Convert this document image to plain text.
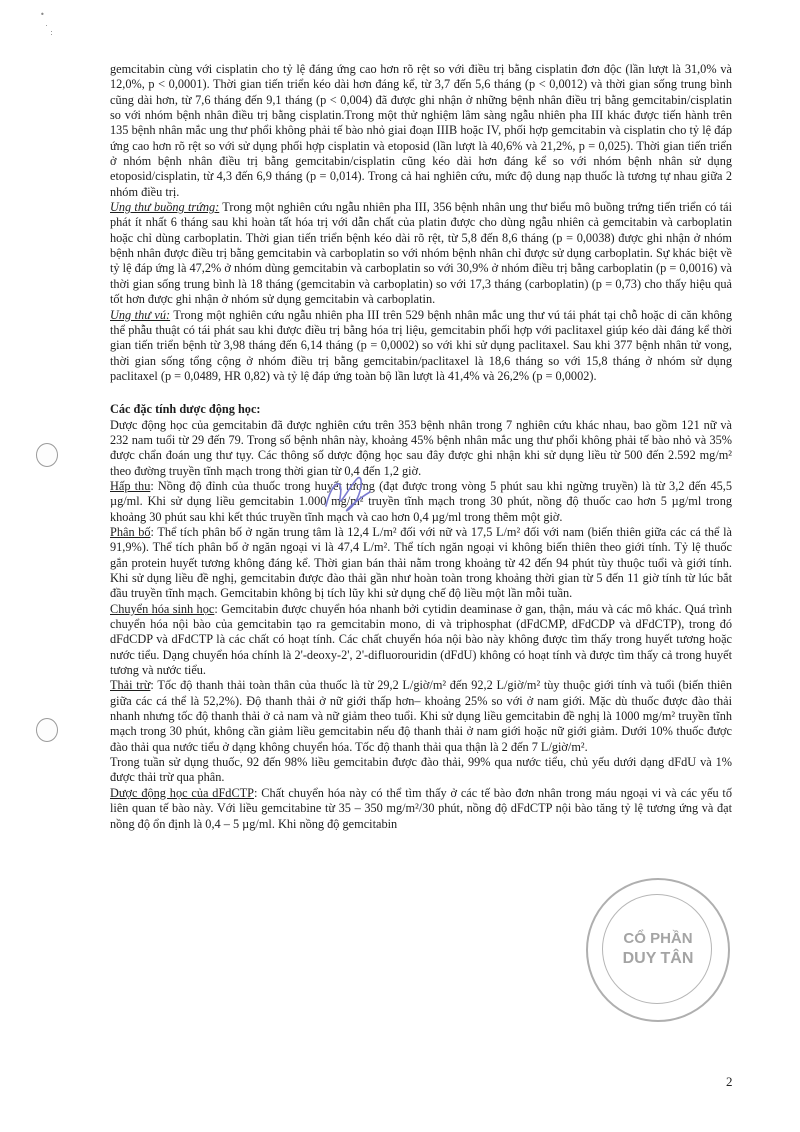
•
.
:

gemcitabin cùng với cisplatin cho tỷ lệ đáng ứng cao hơn rõ rệt so với điều trị bằng cisplatin đơn độc (lần lượt là 31,0% và 12,0%, p < 0,0001). Thời gian tiến triển kéo dài hơn đáng kể, từ 3,7 đến 5,6 tháng (p < 0,0012) và thời gian sống trung bình cũng dài hơn, từ 7,6 tháng đến 9,1 tháng (p < 0,004) đã được ghi nhận ở những bệnh nhân điều trị bằng gemcitabin/cisplatin so với nhóm bệnh nhân điều trị bằng cisplatin.Trong một thử nghiệm lâm sàng ngẫu nhiên pha III khác được tiến hành trên 135 bệnh nhân mắc ung thư phổi không phải tế bào nhỏ giai đoạn IIIB hoặc IV, phối hợp gemcitabin và cisplatin cho tỷ lệ đáp ứng cao hơn rõ rệt so với sử dụng phối hợp cisplatin và etoposid (lần lượt là 40,6% và 21,2%, p = 0,025). Thời gian tiến triển ở nhóm bệnh nhân điều trị bằng gemcitabin/cisplatin cũng kéo dài hơn đáng kể so với nhóm bệnh nhân sử dụng etoposid/cisplatin, từ 4,3 đến 6,9 tháng (p = 0,014). Trong cả hai nghiên cứu, mức độ dung nạp thuốc là tương tự nhau giữa 2 nhóm điều trị.

Ung thư buồng trứng: Trong một nghiên cứu ngẫu nhiên pha III, 356 bệnh nhân ung thư biểu mô buồng trứng tiến triển có tái phát ít nhất 6 tháng sau khi hoàn tất hóa trị với dẫn chất của platin được cho dùng ngẫu nhiên cả gemcitabin và carboplatin hoặc chỉ dùng carboplatin. Thời gian tiến triển bệnh kéo dài rõ rệt, từ 5,8 đến 8,6 tháng (p = 0,0038) được ghi nhận ở nhóm bệnh nhân được điều trị bằng gemcitabin và carboplatin so với nhóm bệnh nhân chỉ được sử dụng carboplatin. Sự khác biệt về tỷ lệ đáp ứng là 47,2% ở nhóm dùng gemcitabin và carboplatin so với 30,9% ở nhóm điều trị bằng carboplatin (p = 0,0016) và thời gian sống trung bình là 18 tháng (gemcitabin và carboplatin) so với 17,3 tháng (carboplatin) (p = 0,73) cho thấy hiệu quả tốt hơn được ghi nhận ở nhóm sử dụng gemcitabin và carboplatin.

Ung thư vú: Trong một nghiên cứu ngẫu nhiên pha III trên 529 bệnh nhân mắc ung thư vú tái phát tại chỗ hoặc di căn không thể phẫu thuật có tái phát sau khi được điều trị bằng hóa trị liệu, gemcitabin phối hợp với paclitaxel giúp kéo dài đáng kể thời gian tiến triển bệnh từ 3,98 tháng đến 6,14 tháng (p = 0,0002) so với khi sử dụng paclitaxel. Sau khi 377 bệnh nhân tử vong, thời gian sống tổng cộng ở nhóm điều trị bằng gemcitabin/paclitaxel là 18,6 tháng so với 15,8 tháng ở nhóm sử dụng paclitaxel (p = 0,0489, HR 0,82) và tỷ lệ đáp ứng toàn bộ lần lượt là 41,4% và 26,2% (p = 0,0002).

Các đặc tính dược động học:

Dược động học của gemcitabin đã được nghiên cứu trên 353 bệnh nhân trong 7 nghiên cứu khác nhau, bao gồm 121 nữ và 232 nam tuổi từ 29 đến 79. Trong số bệnh nhân này, khoảng 45% bệnh nhân mắc ung thư phổi không phải tế bào nhỏ và 35% được chẩn đoán ung thư tụy. Các thông số dược động học sau đây được ghi nhận khi sử dụng liều từ 500 đến 2.592 mg/m² theo đường truyền tĩnh mạch trong thời gian từ 0,4 đến 1,2 giờ.

Hấp thu: Nồng độ đỉnh của thuốc trong huyết tương (đạt được trong vòng 5 phút sau khi ngừng truyền) là từ 3,2 đến 45,5 µg/ml. Khi sử dụng liều gemcitabin 1.000 mg/m² truyền tĩnh mạch trong 30 phút, nồng độ thuốc cao hơn 5 µg/ml trong khoảng 30 phút sau khi kết thúc truyền tĩnh mạch và cao hơn 0,4 µg/ml trong thêm một giờ.

Phân bố: Thể tích phân bố ở ngăn trung tâm là 12,4 L/m² đối với nữ và 17,5 L/m² đối với nam (biến thiên giữa các cá thể là 91,9%). Thể tích phân bố ở ngăn ngoại vi là 47,4 L/m². Thể tích ngăn ngoại vi không biến thiên theo giới tính. Tỷ lệ thuốc gắn protein huyết tương không đáng kể. Thời gian bán thải nằm trong khoảng từ 42 đến 94 phút tùy thuộc tuổi và giới tính. Khi sử dụng liều đề nghị, gemcitabin được đào thải gần như hoàn toàn trong khoảng thời gian từ 5 đến 11 giờ tính từ lúc bắt đầu truyền tĩnh mạch. Gemcitabin không bị tích lũy khi sử dụng chế độ liều một lần mỗi tuần.

Chuyển hóa sinh học: Gemcitabin được chuyển hóa nhanh bởi cytidin deaminase ở gan, thận, máu và các mô khác. Quá trình chuyển hóa nội bào của gemcitabin tạo ra gemcitabin mono, di và triphosphat (dFdCMP, dFdCDP và dFdCTP), trong đó dFdCDP và dFdCTP là các chất có hoạt tính. Các chất chuyển hóa nội bào này không được tìm thấy trong huyết tương hoặc nước tiểu. Dạng chuyển hóa chính là 2'-deoxy-2', 2'-difluorouridin (dFdU) không có hoạt tính và được tìm thấy cả trong huyết tương và nước tiểu.

Thải trừ: Tốc độ thanh thải toàn thân của thuốc là từ 29,2 L/giờ/m² đến 92,2 L/giờ/m² tùy thuộc giới tính và tuổi (biến thiên giữa các cá thể là 52,2%). Độ thanh thải ở nữ giới thấp hơn– khoảng 25% so với ở nam giới. Mặc dù thuốc được đào thải nhanh nhưng tốc độ thanh thải ở cả nam và nữ giảm theo tuổi. Khi sử dụng liều gemcitabin đề nghị là 1000 mg/m² truyền tĩnh mạch trong 30 phút, không cần giảm liều gemcitabin nếu độ thanh thải ở nam giới hoặc nữ giới giảm. Dưới 10% thuốc được đào thải qua nước tiểu ở dạng không chuyển hóa. Tốc độ thanh thải qua thận là 2 đến 7 L/giờ/m².

Trong tuần sử dụng thuốc, 92 đến 98% liều gemcitabin được đào thải, 99% qua nước tiểu, chủ yếu dưới dạng dFdU và 1% được thải trừ qua phân.

Dược động học của dFdCTP: Chất chuyển hóa này có thể tìm thấy ở các tế bào đơn nhân trong máu ngoại vi và các yếu tố liên quan tế bào này. Với liều gemcitabine từ 35 – 350 mg/m²/30 phút, nồng độ dFdCTP nội bào tăng tỷ lệ tương ứng và đạt nồng độ ổn định là 0,4 – 5 µg/ml. Khi nồng độ gemcitabin

CỔ PHẦN
DUY TÂN
2
